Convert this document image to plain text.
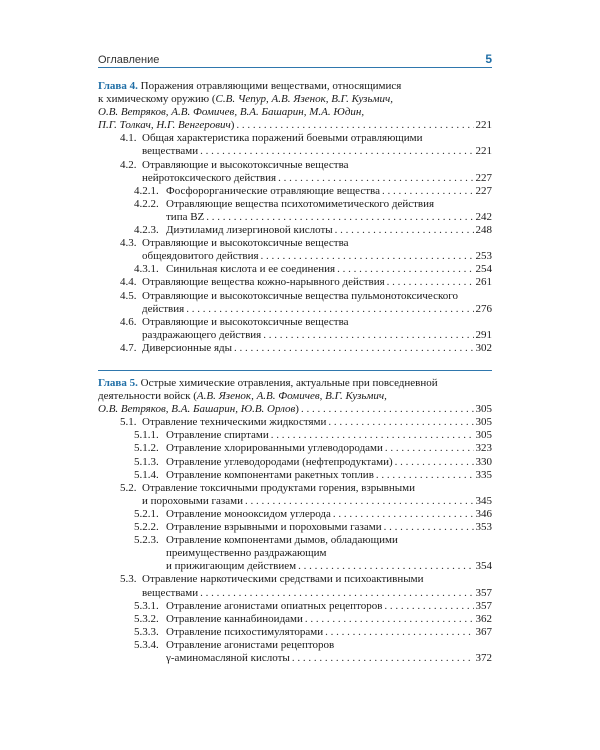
Оглавление	5
Глава 4. Поражения отравляющими веществами, относящимися
к химическому оружию (С.В. Чепур, А.В. Язенок, В.Г. Кузьмич,
О.В. Ветряков, А.В. Фомичев, В.А. Башарин, М.А. Юдин,
П.Г. Толкач, Н.Г. Венгерович) . . .	221
4.1. Общая характеристика поражений боевыми отравляющими
веществами . . .	221
4.2. Отравляющие и высокотоксичные вещества
нейротоксического действия . . .	227
4.2.1. Фосфорорганические отравляющие вещества . . .	227
4.2.2. Отравляющие вещества психотомиметического действия
типа BZ . . .	242
4.2.3. Диэтиламид лизергиновой кислоты . . .	248
4.3. Отравляющие и высокотоксичные вещества
общеядовитого действия . . .	253
4.3.1. Синильная кислота и ее соединения . . .	254
4.4. Отравляющие вещества кожно-нарывного действия . . .	261
4.5. Отравляющие и высокотоксичные вещества пульмонотоксического
действия . . .	276
4.6. Отравляющие и высокотоксичные вещества
раздражающего действия . . .	291
4.7. Диверсионные яды . . .	302
Глава 5. Острые химические отравления, актуальные при повседневной
деятельности войск (А.В. Язенок, А.В. Фомичев, В.Г. Кузьмич,
О.В. Ветряков, В.А. Башарин, Ю.В. Орлов) . . .	305
5.1. Отравление техническими жидкостями . . .	305
5.1.1. Отравление спиртами . . .	305
5.1.2. Отравление хлорированными углеводородами . . .	323
5.1.3. Отравление углеводородами (нефтепродуктами) . . .	330
5.1.4. Отравление компонентами ракетных топлив . . .	335
5.2. Отравление токсичными продуктами горения, взрывными
и пороховыми газами . . .	345
5.2.1. Отравление монооксидом углерода . . .	346
5.2.2. Отравление взрывными и пороховыми газами . . .	353
5.2.3. Отравление компонентами дымов, обладающими
преимущественно раздражающим
и прижигающим действием . . .	354
5.3. Отравление наркотическими средствами и психоактивными
веществами . . .	357
5.3.1. Отравление агонистами опиатных рецепторов . . .	357
5.3.2. Отравление каннабиноидами . . .	362
5.3.3. Отравление психостимуляторами . . .	367
5.3.4. Отравление агонистами рецепторов
γ-аминомасляной кислоты . . .	372
